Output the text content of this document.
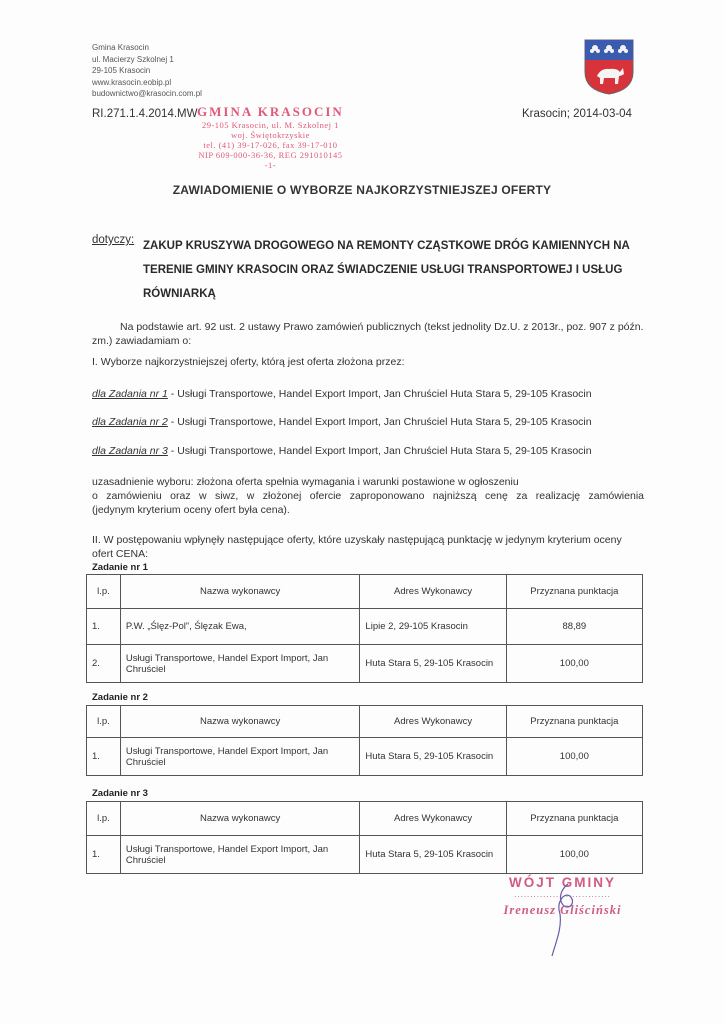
Gmina Krasocin
ul. Macierzy Szkolnej 1
29-105 Krasocin
www.krasocin.eobip.pl
budownictwo@krasocin.com.pl
RI.271.1.4.2014.MW	Krasocin; 2014-03-04
GMINA KRASOCIN
29-105 Krasocin, ul. M. Szkolnej 1
woj. Świętokrzyskie
tel. (41) 39-17-026, fax 39-17-010
NIP 609-000-36-36, REG 291010145
-1-
ZAWIADOMIENIE O WYBORZE NAJKORZYSTNIEJSZEJ OFERTY
dotyczy: ZAKUP KRUSZYWA DROGOWEGO NA REMONTY CZĄSTKOWE DRÓG KAMIENNYCH NA
TERENIE GMINY KRASOCIN ORAZ ŚWIADCZENIE USŁUGI TRANSPORTOWEJ I USŁUG
RÓWNIARKĄ
Na podstawie art. 92 ust. 2 ustawy Prawo zamówień publicznych (tekst jednolity Dz.U. z 2013r., poz. 907 z późn. zm.) zawiadamiam o:
I. Wyborze najkorzystniejszej oferty, którą jest oferta złożona przez:
dla Zadania nr 1 - Usługi Transportowe, Handel Export Import, Jan Chruściel Huta Stara 5, 29-105 Krasocin
dla Zadania nr 2 - Usługi Transportowe, Handel Export Import, Jan Chruściel Huta Stara 5, 29-105 Krasocin
dla Zadania nr 3 - Usługi Transportowe, Handel Export Import, Jan Chruściel Huta Stara 5, 29-105 Krasocin
uzasadnienie wyboru: złożona oferta spełnia wymagania i warunki postawione w ogłoszeniu
o zamówieniu oraz w siwz, w złożonej ofercie zaproponowano najniższą cenę za realizację zamówienia
(jedynym kryterium oceny ofert była cena).
II. W postępowaniu wpłynęły następujące oferty, które uzyskały następującą punktację w jedynym kryterium oceny ofert CENA:
Zadanie nr 1
l.p.	Nazwa wykonawcy	Adres Wykonawcy	Przyznana punktacja
1.	P.W. „Ślęz-Pol”, Ślęzak Ewa,	Lipie 2, 29-105 Krasocin	88,89
2.	Usługi Transportowe, Handel Export Import, Jan Chruściel	Huta Stara 5, 29-105 Krasocin	100,00
Zadanie nr 2
l.p.	Nazwa wykonawcy	Adres Wykonawcy	Przyznana punktacja
1.	Usługi Transportowe, Handel Export Import, Jan Chruściel	Huta Stara 5, 29-105 Krasocin	100,00
Zadanie nr 3
l.p.	Nazwa wykonawcy	Adres Wykonawcy	Przyznana punktacja
1.	Usługi Transportowe, Handel Export Import, Jan Chruściel	Huta Stara 5, 29-105 Krasocin	100,00
WÓJT GMINY
..............................
Ireneusz Gliściński
